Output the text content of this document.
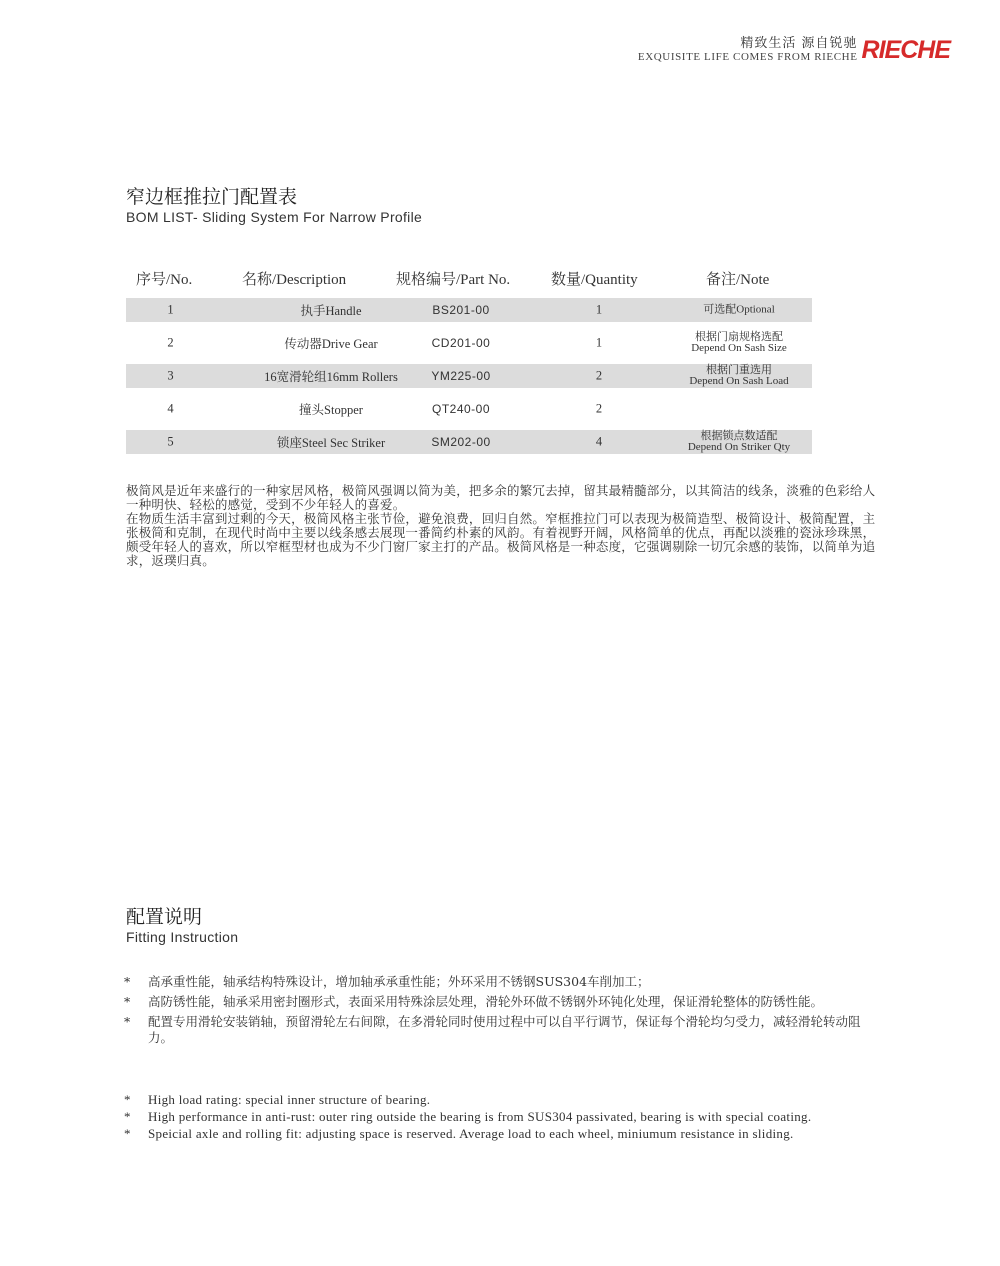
精致生活 源自锐驰
EXQUISITE LIFE COMES FROM RIECHE RIECHE
窄边框推拉门配置表
BOM LIST- Sliding System For Narrow Profile
序号/No.	名称/Description	规格编号/Part No.	数量/Quantity	备注/Note
1	执手Handle	BS201-00	1	可选配Optional
2	传动器Drive Gear	CD201-00	1	根据门扇规格选配
Depend On Sash Size
3	16宽滑轮组16mm Rollers	YM225-00	2	根据门重选用
Depend On Sash Load
4	撞头Stopper	QT240-00	2
5	锁座Steel Sec Striker	SM202-00	4	根据锁点数适配
Depend On Striker Qty

极简风是近年来盛行的一种家居风格，极简风强调以简为美，把多余的繁冗去掉，留其最精髓部分，以其简洁的线条，淡雅的色彩给人一种明快、轻松的感觉，受到不少年轻人的喜爱。

在物质生活丰富到过剩的今天，极简风格主张节俭，避免浪费，回归自然。窄框推拉门可以表现为极简造型、极简设计、极简配置，主张极简和克制，在现代时尚中主要以线条感去展现一番简约朴素的风韵。有着视野开阔，风格简单的优点，再配以淡雅的瓷泳珍珠黑，颇受年轻人的喜欢，所以窄框型材也成为不少门窗厂家主打的产品。极简风格是一种态度，它强调剔除一切冗余感的装饰，以简单为追求，返璞归真。

配置说明
Fitting Instruction
* 高承重性能，轴承结构特殊设计，增加轴承承重性能；外环采用不锈钢SUS304车削加工；
* 高防锈性能，轴承采用密封圈形式，表面采用特殊涂层处理，滑轮外环做不锈钢外环钝化处理，保证滑轮整体的防锈性能。
* 配置专用滑轮安装销轴，预留滑轮左右间隙，在多滑轮同时使用过程中可以自平行调节，保证每个滑轮均匀受力，减轻滑轮转动阻力。
* High load rating: special inner structure of bearing.
* High performance in anti-rust: outer ring outside the bearing is from SUS304 passivated, bearing is with special coating.
* Speicial axle and rolling fit: adjusting space is reserved. Average load to each wheel, miniumum resistance in sliding.
